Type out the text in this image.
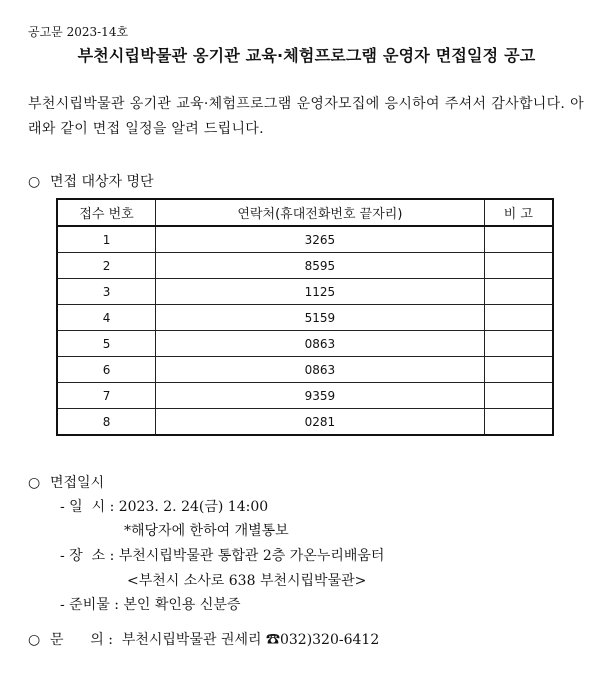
공고문 2023-14호
부천시립박물관 옹기관 교육·체험프로그램 운영자 면접일정 공고
부천시립박물관 옹기관 교육·체험프로그램 운영자모집에 응시하여 주셔서 감사합니다. 아래와 같이 면접 일정을 알려 드립니다.
○ 면접 대상자 명단
접수 번호	연락처(휴대전화번호 끝자리)	비 고
1	3265	
2	8595	
3	1125	
4	5159	
5	0863	
6	0863	
7	9359	
8	0281	
○ 면접일시
- 일  시 : 2023. 2. 24(금) 14:00
*해당자에 한하여 개별통보
- 장  소 : 부천시립박물관 통합관 2층 가온누리배움터
<부천시 소사로 638 부천시립박물관>
- 준비물 : 본인 확인용 신분증
○ 문      의 : 부천시립박물관 권세리 ☎032)320-6412
